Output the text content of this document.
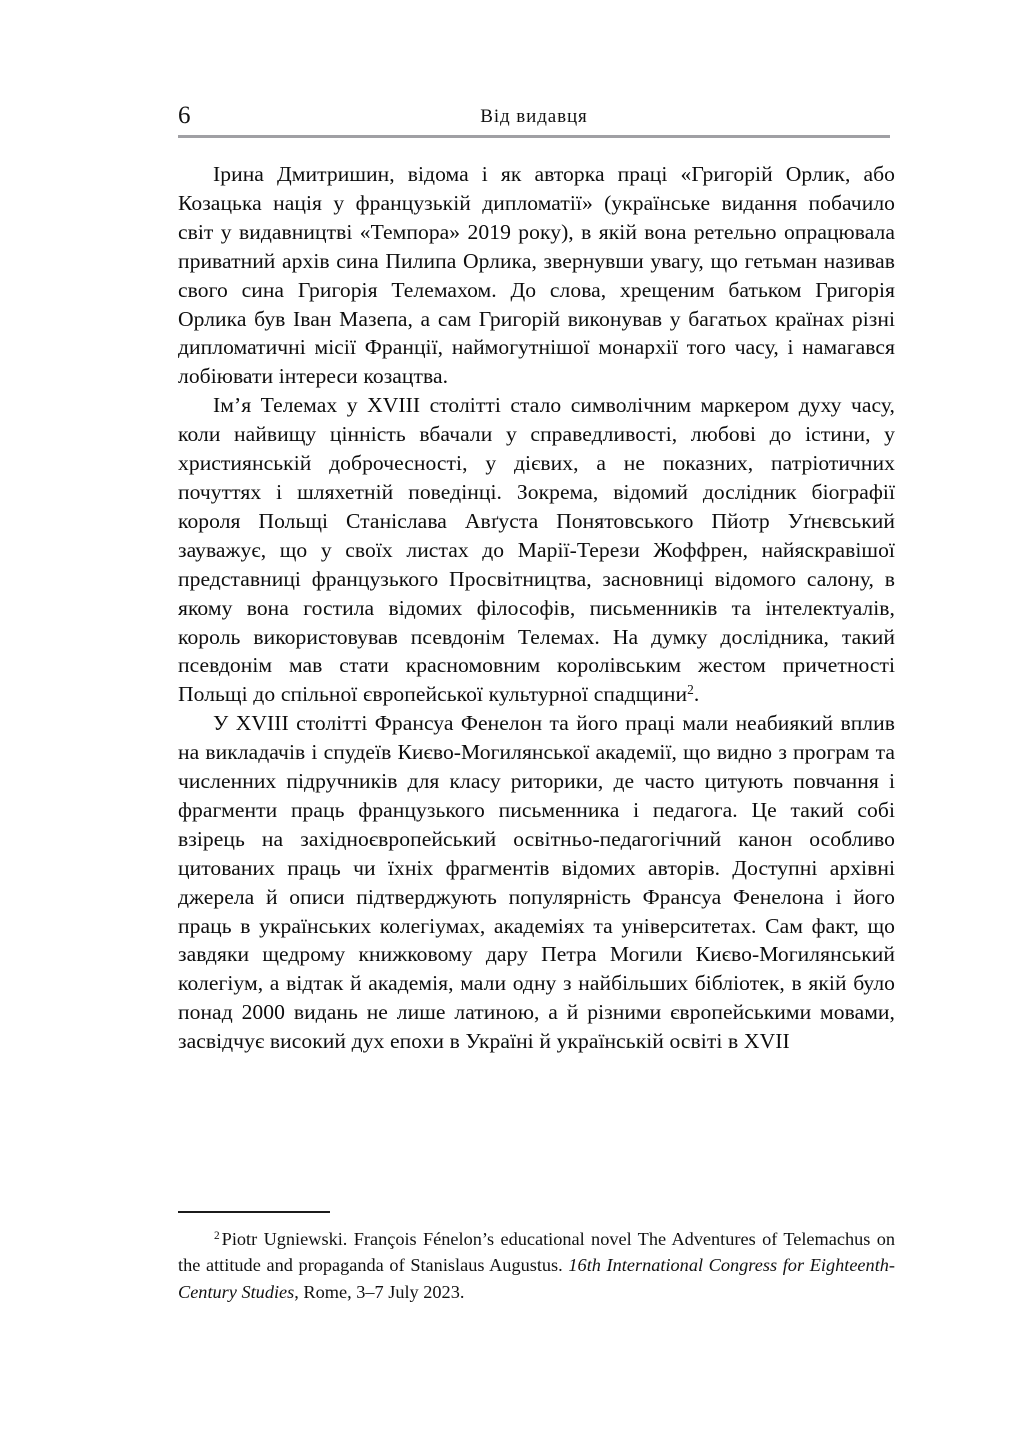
6	Від видавця

Ірина Дмитришин, відома і як авторка праці «Григорій Орлик, або Козацька нація у французькій дипломатії» (українське видання побачило світ у видавництві «Темпора» 2019 року), в якій вона ретельно опрацювала приватний архів сина Пилипа Орлика, звернувши увагу, що гетьман називав свого сина Григорія Телемахом. До слова, хрещеним батьком Григорія Орлика був Іван Мазепа, а сам Григорій виконував у багатьох країнах різні дипломатичні місії Франції, наймогутнішої монархії того часу, і намагався лобіювати інтереси козацтва.

Ім’я Телемах у XVIII столітті стало символічним маркером духу часу, коли найвищу цінність вбачали у справедливості, любові до істини, у християнській доброчесності, у дієвих, а не показних, патріотичних почуттях і шляхетній поведінці. Зокрема, відомий дослідник біографії короля Польщі Станіслава Авґуста Понятовського Пйотр Уґнєвський зауважує, що у своїх листах до Марії-Терези Жоффрен, найяскравішої представниці французького Просвітництва, засновниці відомого салону, в якому вона гостила відомих філософів, письменників та інтелектуалів, король використовував псевдонім Телемах. На думку дослідника, такий псевдонім мав стати красномовним королівським жестом причетності Польщі до спільної європейської культурної спадщини$^2$.

У XVIII столітті Франсуа Фенелон та його праці мали неабиякий вплив на викладачів і спудеїв Києво-Могилянської академії, що видно з програм та численних підручників для класу риторики, де часто цитують повчання і фрагменти праць французького письменника і педагога. Це такий собі взірець на західноєвропейський освітньо-педагогічний канон особливо цитованих праць чи їхніх фрагментів відомих авторів. Доступні архівні джерела й описи підтверджують популярність Франсуа Фенелона і його праць в українських колегіумах, академіях та університетах. Сам факт, що завдяки щедрому книжковому дару Петра Могили Києво-Могилянський колегіум, а відтак й академія, мали одну з найбільших бібліотек, в якій було понад 2000 видань не лише латиною, а й різними європейськими мовами, засвідчує високий дух епохи в Україні й українській освіті в XVII

$^2$ Piotr Ugniewski. François Fénelon’s educational novel The Adventures of Telemachus on the attitude and propaganda of Stanislaus Augustus. 16th International Congress for Eighteenth-Century Studies, Rome, 3–7 July 2023.
